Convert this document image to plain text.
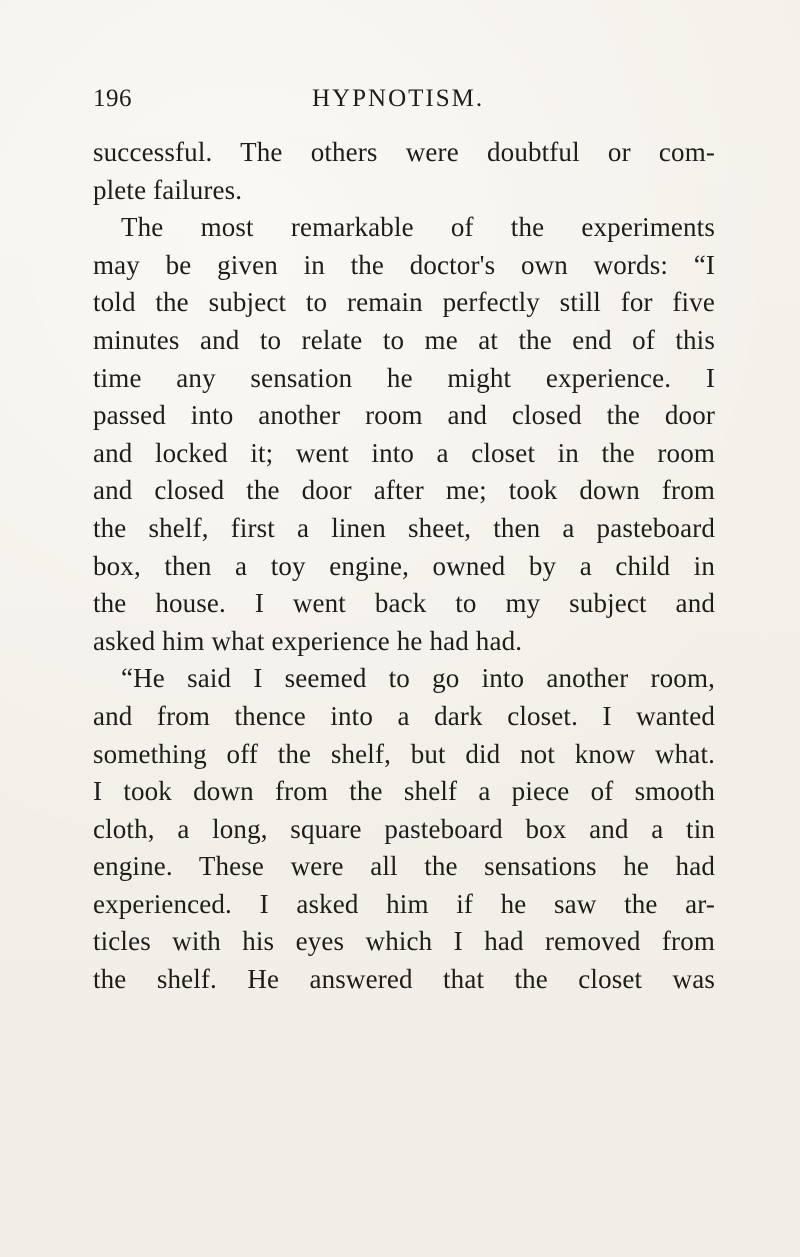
196	HYPNOTISM.
successful. The others were doubtful or com-
plete failures.
The most remarkable of the experiments
may be given in the doctor's own words: “I
told the subject to remain perfectly still for five
minutes and to relate to me at the end of this
time any sensation he might experience. I
passed into another room and closed the door
and locked it; went into a closet in the room
and closed the door after me; took down from
the shelf, first a linen sheet, then a pasteboard
box, then a toy engine, owned by a child in
the house. I went back to my subject and
asked him what experience he had had.
“He said I seemed to go into another room,
and from thence into a dark closet. I wanted
something off the shelf, but did not know what.
I took down from the shelf a piece of smooth
cloth, a long, square pasteboard box and a tin
engine. These were all the sensations he had
experienced. I asked him if he saw the ar-
ticles with his eyes which I had removed from
the shelf. He answered that the closet was
